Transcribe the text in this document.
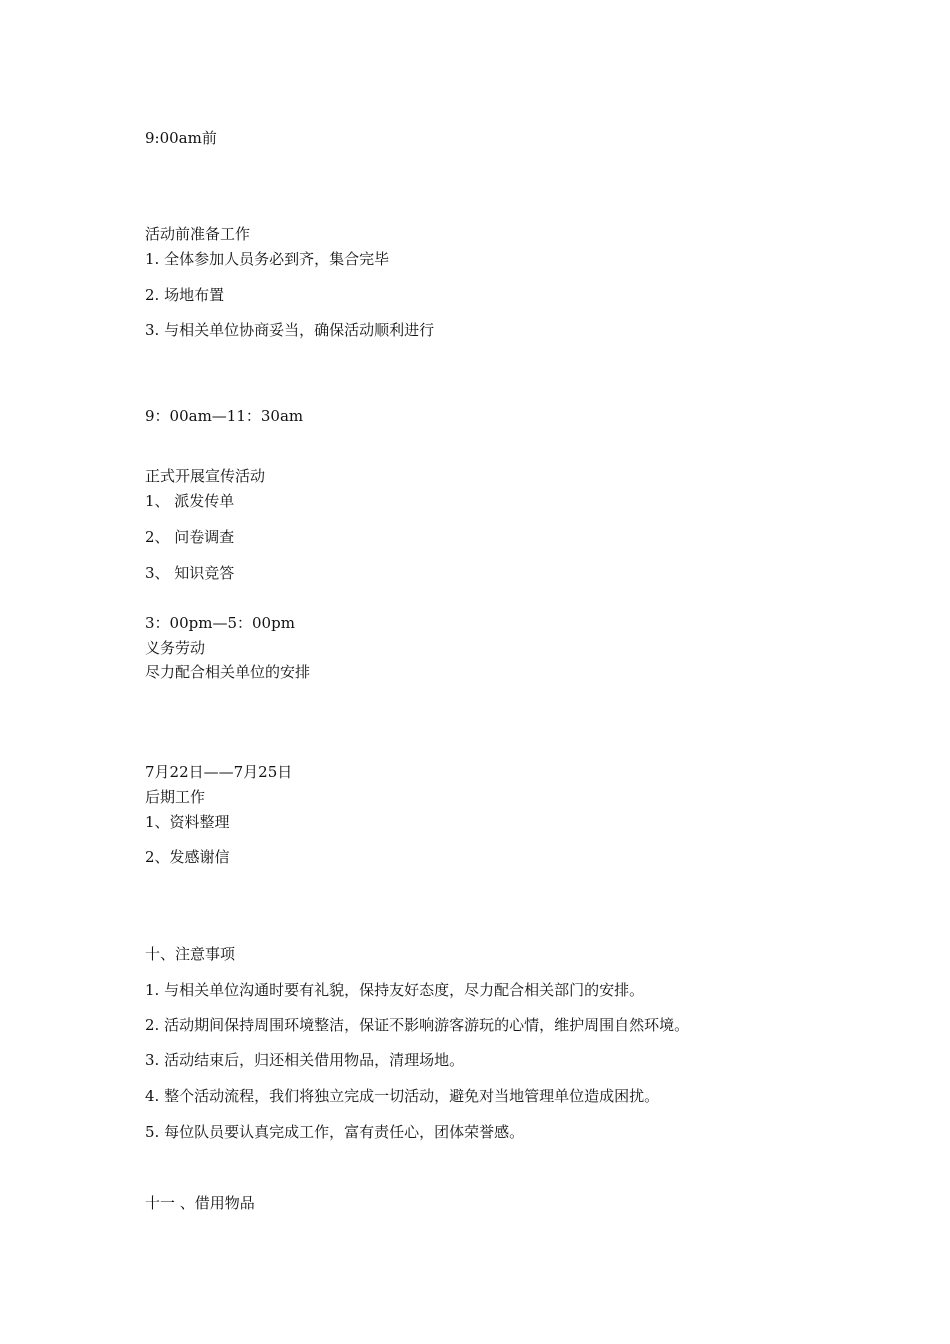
9:00am前
活动前准备工作
1. 全体参加人员务必到齐，集合完毕
2. 场地布置
3. 与相关单位协商妥当，确保活动顺利进行
9：00am—11：30am
正式开展宣传活动
1、 派发传单
2、 问卷调查
3、 知识竞答
3：00pm—5：00pm
义务劳动
尽力配合相关单位的安排
7月22日——7月25日
后期工作
1、资料整理
2、发感谢信
十、注意事项
1. 与相关单位沟通时要有礼貌，保持友好态度，尽力配合相关部门的安排。
2. 活动期间保持周围环境整洁，保证不影响游客游玩的心情，维护周围自然环境。
3. 活动结束后，归还相关借用物品，清理场地。
4. 整个活动流程，我们将独立完成一切活动，避免对当地管理单位造成困扰。
5. 每位队员要认真完成工作，富有责任心，团体荣誉感。
十一 、借用物品
